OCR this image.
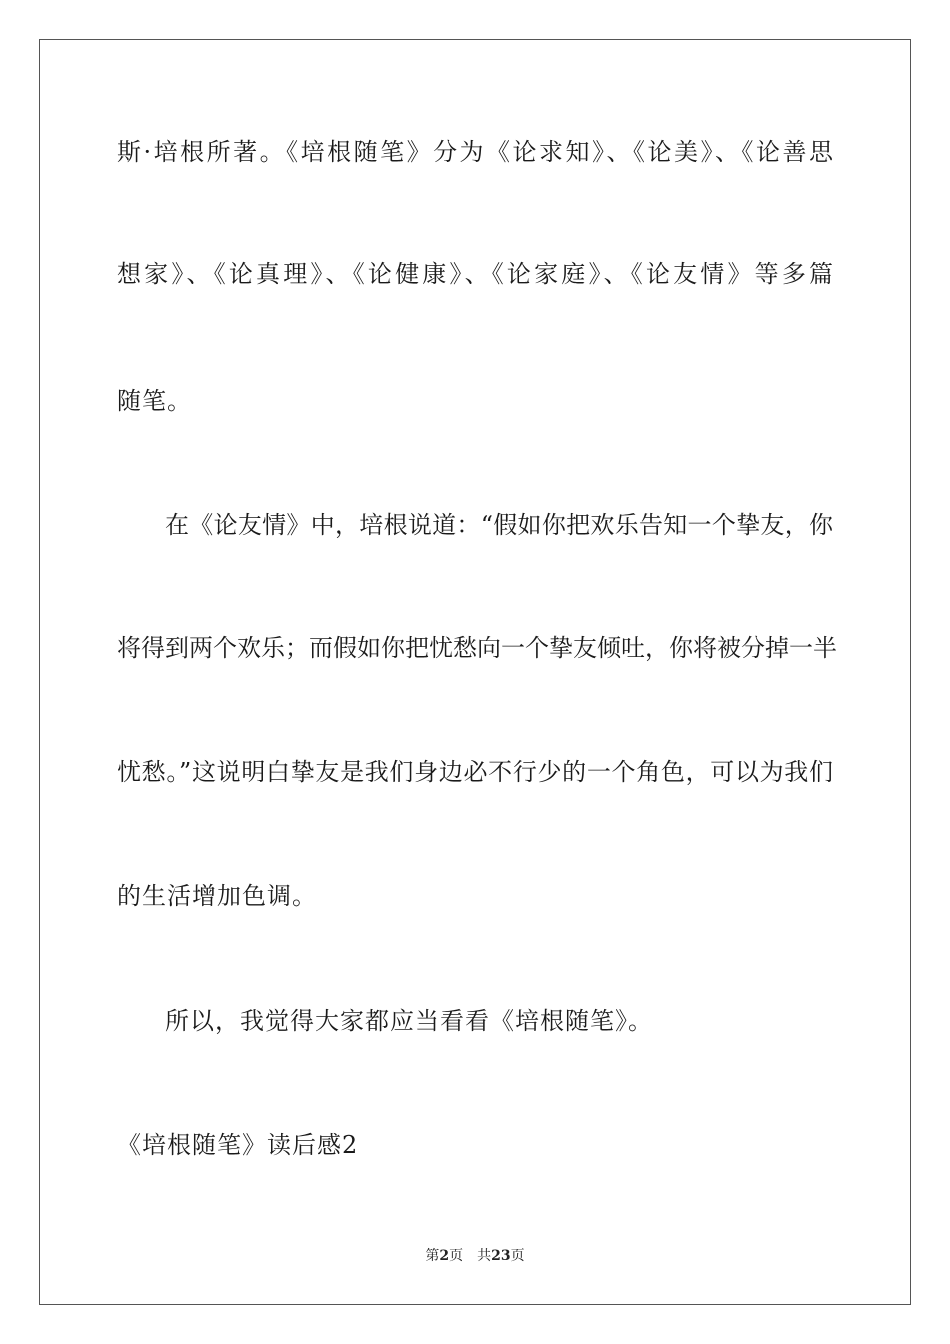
斯·培根所著。《培根随笔》分为《论求知》、《论美》、《论善思
想家》、《论真理》、《论健康》、《论家庭》、《论友情》等多篇
随笔。
在《论友情》中，培根说道：“假如你把欢乐告知一个挚友，你
将得到两个欢乐；而假如你把忧愁向一个挚友倾吐，你将被分掉一半
忧愁。”这说明白挚友是我们身边必不行少的一个角色，可以为我们
的生活增加色调。
所以，我觉得大家都应当看看《培根随笔》。
《培根随笔》读后感2
第2页 共23页
